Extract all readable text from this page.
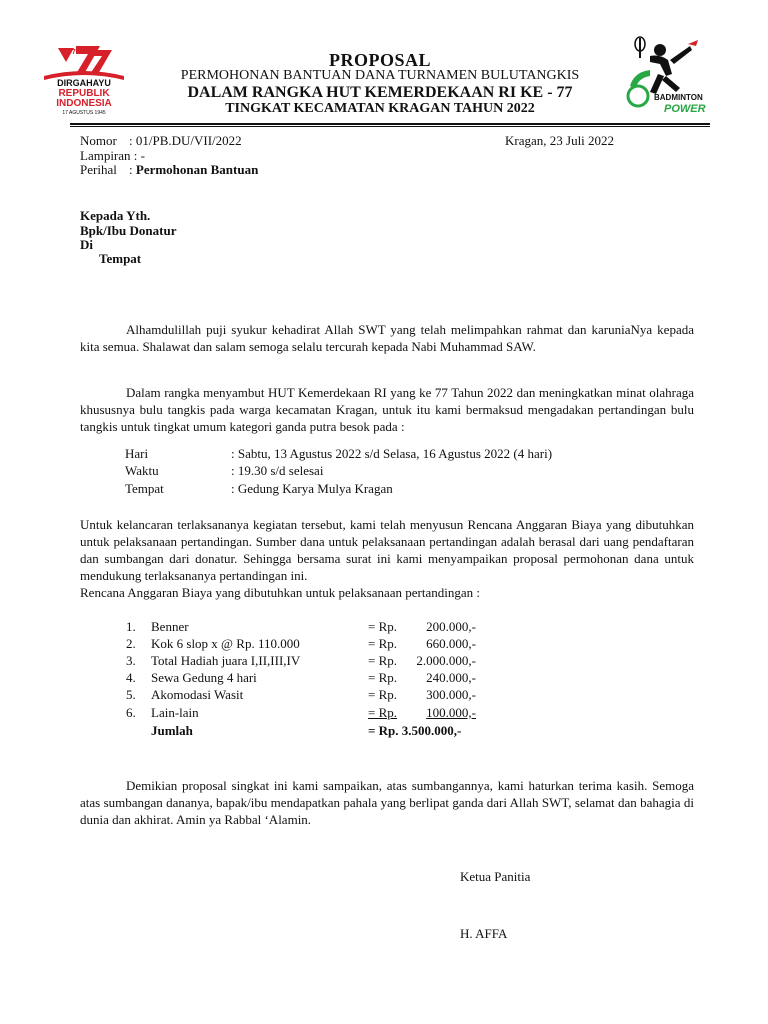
77
DIRGAHAYU
REPUBLIK
INDONESIA
17 AGUSTUS 1945
BADMINTON
POWER
PROPOSAL
PERMOHONAN BANTUAN DANA TURNAMEN BULUTANGKIS
DALAM RANGKA HUT KEMERDEKAAN RI KE - 77
TINGKAT KECAMATAN KRAGAN TAHUN 2022
Nomor : 01/PB.DU/VII/2022	Kragan, 23 Juli 2022
Lampiran : -
Perihal : Permohonan Bantuan
Kepada Yth.
Bpk/Ibu Donatur
Di
Tempat
Alhamdulillah puji syukur kehadirat Allah SWT yang telah melimpahkan rahmat dan karuniaNya kepada kita semua. Shalawat dan salam semoga selalu tercurah kepada Nabi Muhammad SAW.
Dalam rangka menyambut HUT Kemerdekaan RI yang ke 77 Tahun 2022 dan meningkatkan minat olahraga khususnya bulu tangkis pada warga kecamatan Kragan, untuk itu kami bermaksud mengadakan pertandingan bulu tangkis untuk tingkat umum kategori ganda putra besok pada :
Hari	: Sabtu, 13 Agustus 2022 s/d Selasa, 16 Agustus 2022 (4 hari)
Waktu	: 19.30 s/d selesai
Tempat	: Gedung Karya Mulya Kragan
Untuk kelancaran terlaksananya kegiatan tersebut, kami telah menyusun Rencana Anggaran Biaya yang dibutuhkan untuk pelaksanaan pertandingan. Sumber dana untuk pelaksanaan pertandingan adalah berasal dari uang pendaftaran dan sumbangan dari donatur. Sehingga bersama surat ini kami menyampaikan proposal permohonan dana untuk mendukung terlaksananya pertandingan ini.
Rencana Anggaran Biaya yang dibutuhkan untuk pelaksanaan pertandingan :
1.	Benner	= Rp.	200.000,-
2.	Kok 6 slop x @ Rp. 110.000	= Rp.	660.000,-
3.	Total Hadiah juara I,II,III,IV	= Rp.	2.000.000,-
4.	Sewa Gedung 4 hari	= Rp.	240.000,-
5.	Akomodasi Wasit	= Rp.	300.000,-
6.	Lain-lain	= Rp.	100.000,-
Jumlah	= Rp. 3.500.000,-
Demikian proposal singkat ini kami sampaikan, atas sumbangannya, kami haturkan terima kasih. Semoga atas sumbangan dananya, bapak/ibu mendapatkan pahala yang berlipat ganda dari Allah SWT, selamat dan bahagia di dunia dan akhirat. Amin ya Rabbal ‘Alamin.
Ketua Panitia
H. AFFA
